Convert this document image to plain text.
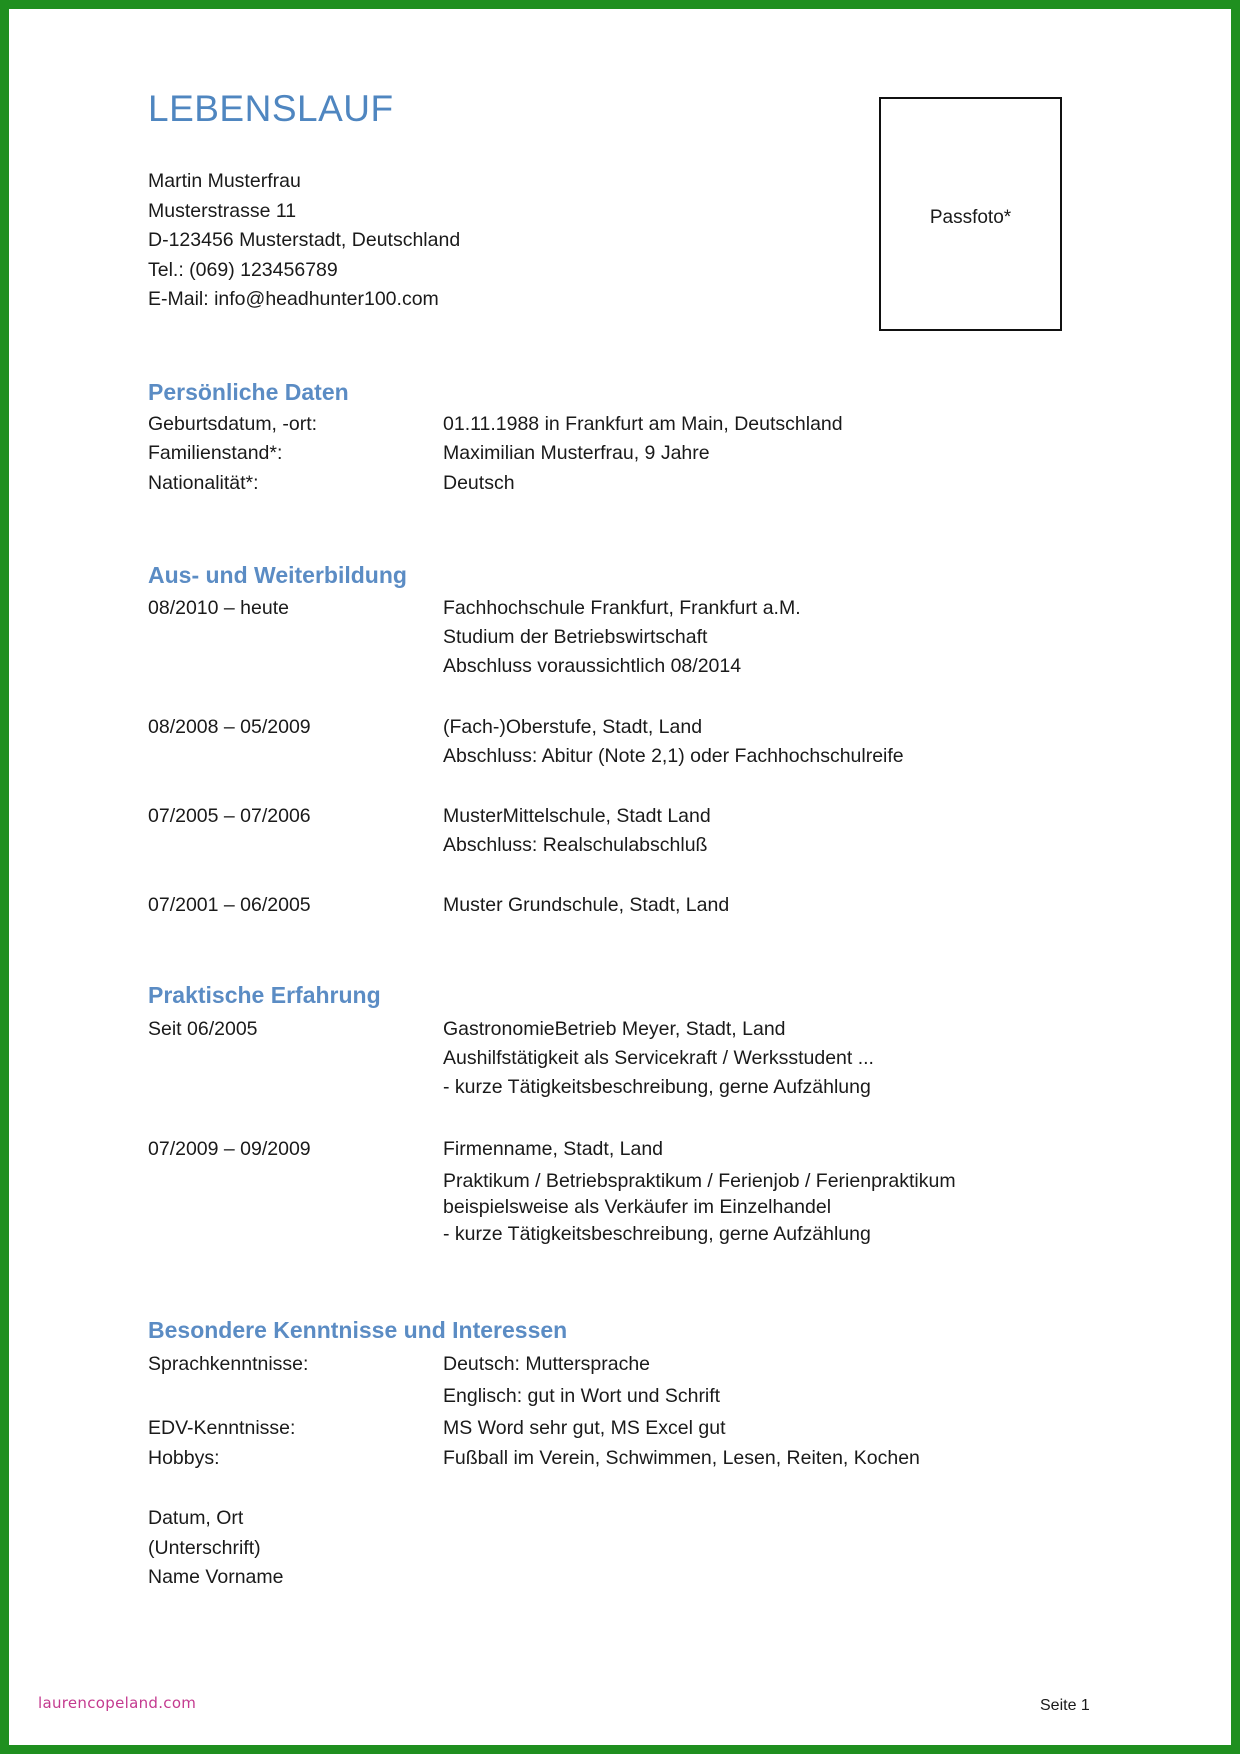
LEBENSLAUF
Martin Musterfrau
Musterstrasse 11
D-123456 Musterstadt, Deutschland
Tel.: (069) 123456789
E-Mail: info@headhunter100.com
Passfoto*
Persönliche Daten
Geburtsdatum, -ort:	01.11.1988 in Frankfurt am Main, Deutschland
Familienstand*:	Maximilian Musterfrau, 9 Jahre
Nationalität*:	Deutsch
Aus- und Weiterbildung
08/2010 – heute	Fachhochschule Frankfurt, Frankfurt a.M.
Studium der Betriebswirtschaft
Abschluss voraussichtlich 08/2014
08/2008 – 05/2009	(Fach-)Oberstufe, Stadt, Land
Abschluss: Abitur (Note 2,1) oder Fachhochschulreife
07/2005 – 07/2006	MusterMittelschule, Stadt Land
Abschluss: Realschulabschluß
07/2001 – 06/2005	Muster Grundschule, Stadt, Land
Praktische Erfahrung
Seit 06/2005	GastronomieBetrieb Meyer, Stadt, Land
Aushilfstätigkeit als Servicekraft / Werksstudent ...
- kurze Tätigkeitsbeschreibung, gerne Aufzählung
07/2009 – 09/2009	Firmenname, Stadt, Land
Praktikum / Betriebspraktikum / Ferienjob / Ferienpraktikum
beispielsweise als Verkäufer im Einzelhandel
- kurze Tätigkeitsbeschreibung, gerne Aufzählung
Besondere Kenntnisse und Interessen
Sprachkenntnisse:	Deutsch: Muttersprache
Englisch: gut in Wort und Schrift
EDV-Kenntnisse:	MS Word sehr gut, MS Excel gut
Hobbys:	Fußball im Verein, Schwimmen, Lesen, Reiten, Kochen
Datum, Ort
(Unterschrift)
Name Vorname
laurencopeland.com	Seite 1
